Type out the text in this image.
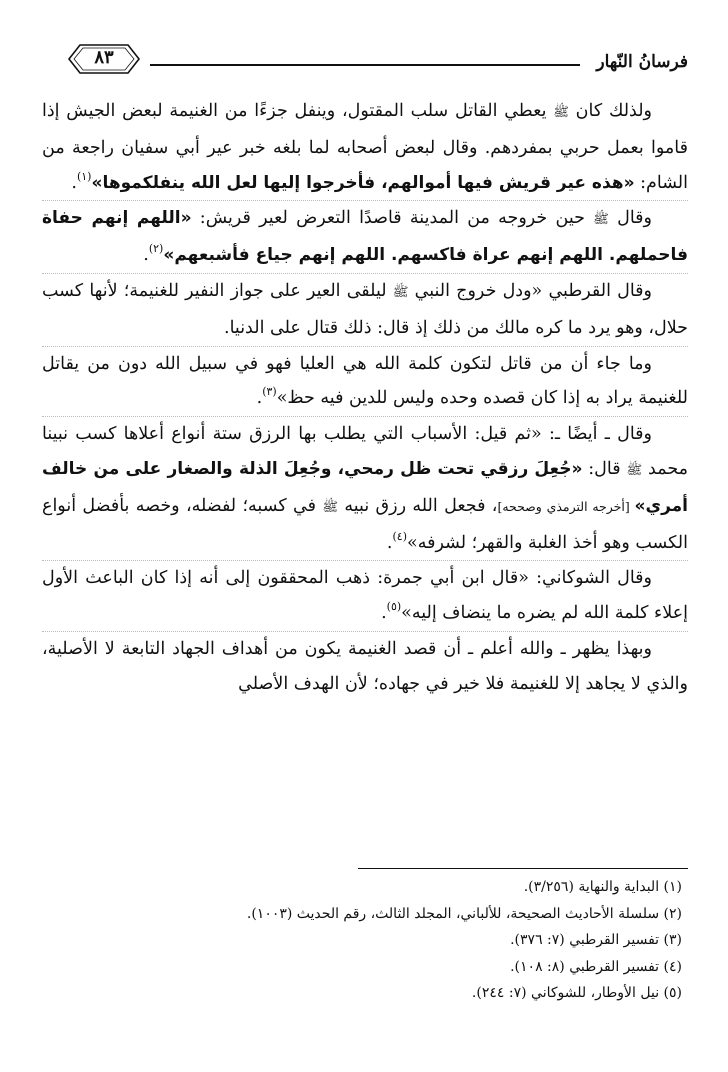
فرسانُ النّهار
٨٣

ولذلك كان ﷺ يعطي القاتل سلب المقتول، وينفل جزءًا من الغنيمة لبعض الجيش إذا قاموا بعمل حربي بمفردهم. وقال لبعض أصحابه لما بلغه خبر عير أبي سفيان راجعة من الشام: «هذه عير قريش فيها أموالهم، فأخرجوا إليها لعل الله ينفلكموها»$^{(١)}$.

وقال ﷺ حين خروجه من المدينة قاصدًا التعرض لعير قريش: «اللهم إنهم حفاة فاحملهم. اللهم إنهم عراة فاكسهم. اللهم إنهم جياع فأشبعهم»$^{(٢)}$.

وقال القرطبي «ودل خروج النبي ﷺ ليلقى العير على جواز النفير للغنيمة؛ لأنها كسب حلال، وهو يرد ما كره مالك من ذلك إذ قال: ذلك قتال على الدنيا.

وما جاء أن من قاتل لتكون كلمة الله هي العليا فهو في سبيل الله دون من يقاتل للغنيمة يراد به إذا كان قصده وحده وليس للدين فيه حظ»$^{(٣)}$.

وقال ـ أيضًا ـ: «ثم قيل: الأسباب التي يطلب بها الرزق ستة أنواع أعلاها كسب نبينا محمد ﷺ قال: «جُعِلَ رزقي تحت ظل رمحي، وجُعِلَ الذلة والصغار على من خالف أمري» [أخرجه الترمذي وصححه]، فجعل الله رزق نبيه ﷺ في كسبه؛ لفضله، وخصه بأفضل أنواع الكسب وهو أخذ الغلبة والقهر؛ لشرفه»$^{(٤)}$.

وقال الشوكاني: «قال ابن أبي جمرة: ذهب المحققون إلى أنه إذا كان الباعث الأول إعلاء كلمة الله لم يضره ما ينضاف إليه»$^{(٥)}$.

وبهذا يظهر ـ والله أعلم ـ أن قصد الغنيمة يكون من أهداف الجهاد التابعة لا الأصلية، والذي لا يجاهد إلا للغنيمة فلا خير في جهاده؛ لأن الهدف الأصلي

(١) البداية والنهاية (٣/٢٥٦).
(٢) سلسلة الأحاديث الصحيحة، للألباني، المجلد الثالث، رقم الحديث (١٠٠٣).
(٣) تفسير القرطبي (٧: ٣٧٦).
(٤) تفسير القرطبي (٨: ١٠٨).
(٥) نيل الأوطار، للشوكاني (٧: ٢٤٤).
